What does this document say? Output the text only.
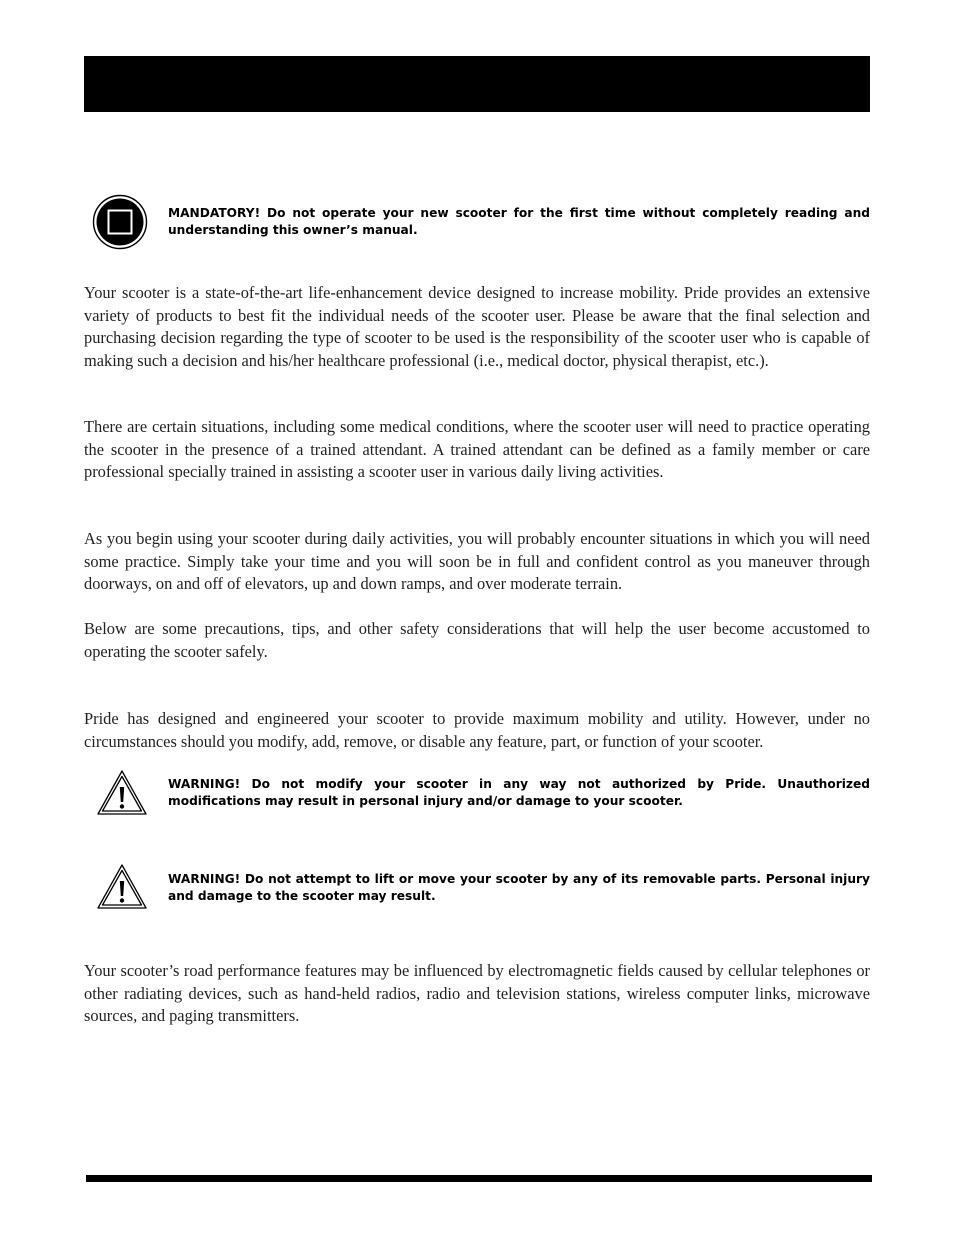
MANDATORY! Do not operate your new scooter for the first time without completely reading and understanding this owner’s manual.

Your scooter is a state-of-the-art life-enhancement device designed to increase mobility. Pride provides an extensive variety of products to best fit the individual needs of the scooter user. Please be aware that the final selection and purchasing decision regarding the type of scooter to be used is the responsibility of the scooter user who is capable of making such a decision and his/her healthcare professional (i.e., medical doctor, physical therapist, etc.).

There are certain situations, including some medical conditions, where the scooter user will need to practice operating the scooter in the presence of a trained attendant. A trained attendant can be defined as a family member or care professional specially trained in assisting a scooter user in various daily living activities.

As you begin using your scooter during daily activities, you will probably encounter situations in which you will need some practice. Simply take your time and you will soon be in full and confident control as you maneuver through doorways, on and off of elevators, up and down ramps, and over moderate terrain.

Below are some precautions, tips, and other safety considerations that will help the user become accustomed to operating the scooter safely.

Pride has designed and engineered your scooter to provide maximum mobility and utility. However, under no circumstances should you modify, add, remove, or disable any feature, part, or function of your scooter.

WARNING! Do not modify your scooter in any way not authorized by Pride. Unauthorized modifications may result in personal injury and/or damage to your scooter.

WARNING! Do not attempt to lift or move your scooter by any of its removable parts. Personal injury and damage to the scooter may result.

Your scooter’s road performance features may be influenced by electromagnetic fields caused by cellular telephones or other radiating devices, such as hand-held radios, radio and television stations, wireless computer links, microwave sources, and paging transmitters.
